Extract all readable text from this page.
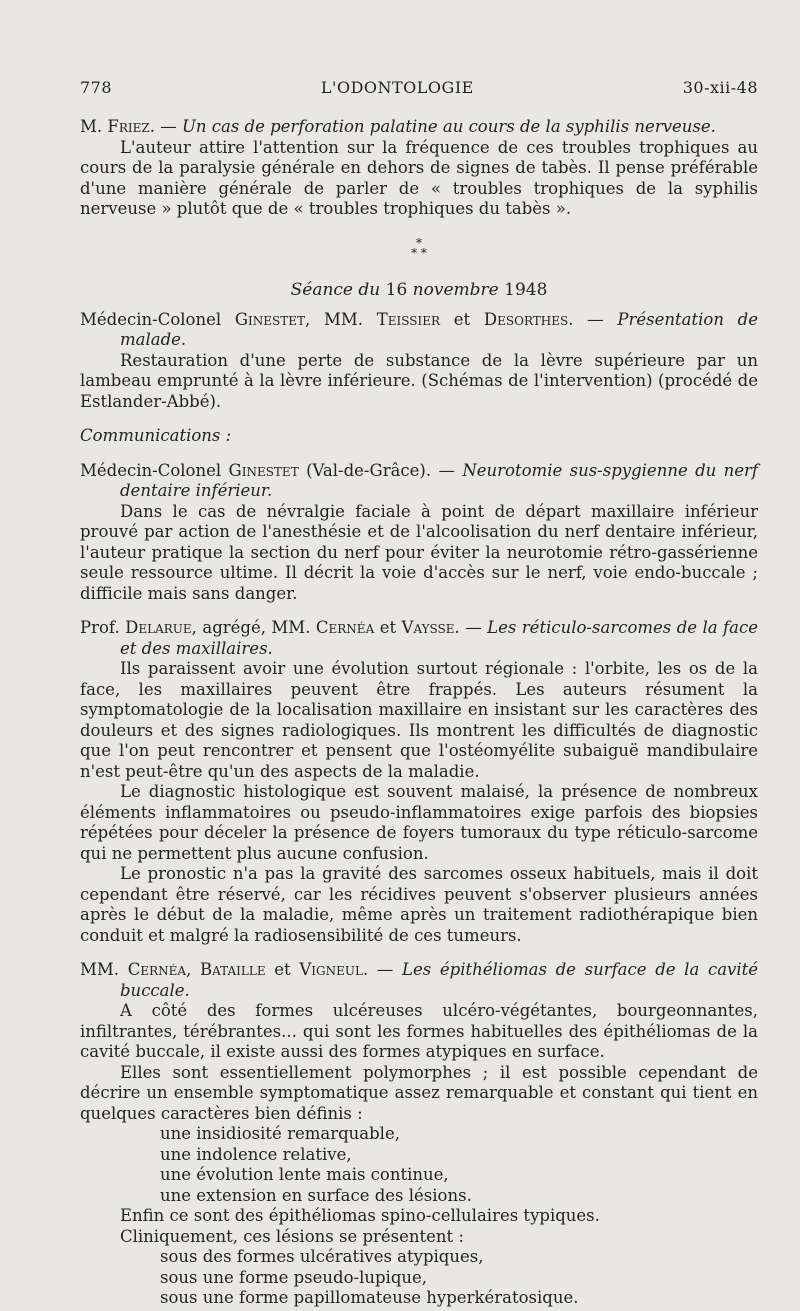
778	L'ODONTOLOGIE	30-xii-48

M. Friez. — Un cas de perforation palatine au cours de la syphilis nerveuse.

L'auteur attire l'attention sur la fréquence de ces troubles trophiques au cours de la paralysie générale en dehors de signes de tabès. Il pense préférable d'une manière générale de parler de « troubles trophiques de la syphilis nerveuse » plutôt que de « troubles trophiques du tabès ».

*
* *
Séance du 16 novembre 1948

Médecin-Colonel Ginestet, MM. Teissier et Desorthes. — Présentation de malade.

Restauration d'une perte de substance de la lèvre supérieure par un lambeau emprunté à la lèvre inférieure. (Schémas de l'intervention) (procédé de Estlander-Abbé).

Communications :

Médecin-Colonel Ginestet (Val-de-Grâce). — Neurotomie sus-spygienne du nerf dentaire inférieur.

Dans le cas de névralgie faciale à point de départ maxillaire inférieur prouvé par action de l'anesthésie et de l'alcoolisation du nerf dentaire inférieur, l'auteur pratique la section du nerf pour éviter la neurotomie rétro-gassérienne seule ressource ultime. Il décrit la voie d'accès sur le nerf, voie endo-buccale ; difficile mais sans danger.

Prof. Delarue, agrégé, MM. Cernéa et Vaysse. — Les réticulo-sarcomes de la face et des maxillaires.

Ils paraissent avoir une évolution surtout régionale : l'orbite, les os de la face, les maxillaires peuvent être frappés. Les auteurs résument la symptomatologie de la localisation maxillaire en insistant sur les caractères des douleurs et des signes radiologiques. Ils montrent les difficultés de diagnostic que l'on peut rencontrer et pensent que l'ostéomyélite subaiguë mandibulaire n'est peut-être qu'un des aspects de la maladie.

Le diagnostic histologique est souvent malaisé, la présence de nombreux éléments inflammatoires ou pseudo-inflammatoires exige parfois des biopsies répétées pour déceler la présence de foyers tumoraux du type réticulo-sarcome qui ne permettent plus aucune confusion.

Le pronostic n'a pas la gravité des sarcomes osseux habituels, mais il doit cependant être réservé, car les récidives peuvent s'observer plusieurs années après le début de la maladie, même après un traitement radiothérapique bien conduit et malgré la radiosensibilité de ces tumeurs.

MM. Cernéa, Bataille et Vigneul. — Les épithéliomas de surface de la cavité buccale.

A côté des formes ulcéreuses ulcéro-végétantes, bourgeonnantes, infiltrantes, térébrantes... qui sont les formes habituelles des épithéliomas de la cavité buccale, il existe aussi des formes atypiques en surface.

Elles sont essentiellement polymorphes ; il est possible cependant de décrire un ensemble symptomatique assez remarquable et constant qui tient en quelques caractères bien définis :

une insidiosité remarquable,
une indolence relative,
une évolution lente mais continue,
une extension en surface des lésions.

Enfin ce sont des épithéliomas spino-cellulaires typiques.

Cliniquement, ces lésions se présentent :

sous des formes ulcératives atypiques,
sous une forme pseudo-lupique,
sous une forme papillomateuse hyperkératosique.
